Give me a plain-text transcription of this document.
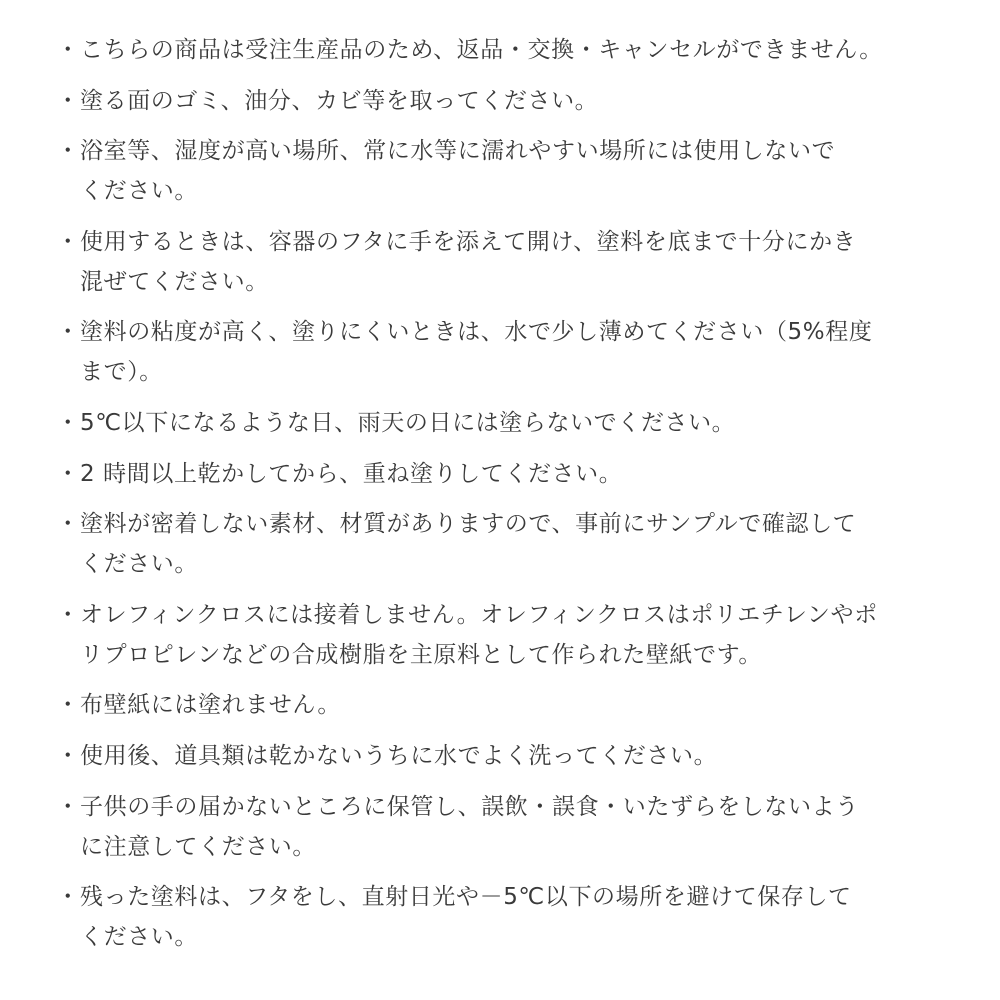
・ こちらの商品は受注生産品のため、返品・交換・キャンセルができません。
・ 塗る面のゴミ、油分、カビ等を取ってください。
・ 浴室等、湿度が高い場所、常に水等に濡れやすい場所には使用しないで
ください。
・ 使用するときは、容器のフタに手を添えて開け、塗料を底まで十分にかき
混ぜてください。
・ 塗料の粘度が高く、塗りにくいときは、水で少し薄めてください（5%程度
まで）。
・ 5℃以下になるような日、雨天の日には塗らないでください。
・ 2 時間以上乾かしてから、重ね塗りしてください。
・ 塗料が密着しない素材、材質がありますので、事前にサンプルで確認して
ください。
・ オレフィンクロスには接着しません。オレフィンクロスはポリエチレンやポ
リプロピレンなどの合成樹脂を主原料として作られた壁紙です。
・ 布壁紙には塗れません。
・ 使用後、道具類は乾かないうちに水でよく洗ってください。
・ 子供の手の届かないところに保管し、誤飲・誤食・いたずらをしないよう
に注意してください。
・ 残った塗料は、フタをし、直射日光や－5℃以下の場所を避けて保存して
ください。
